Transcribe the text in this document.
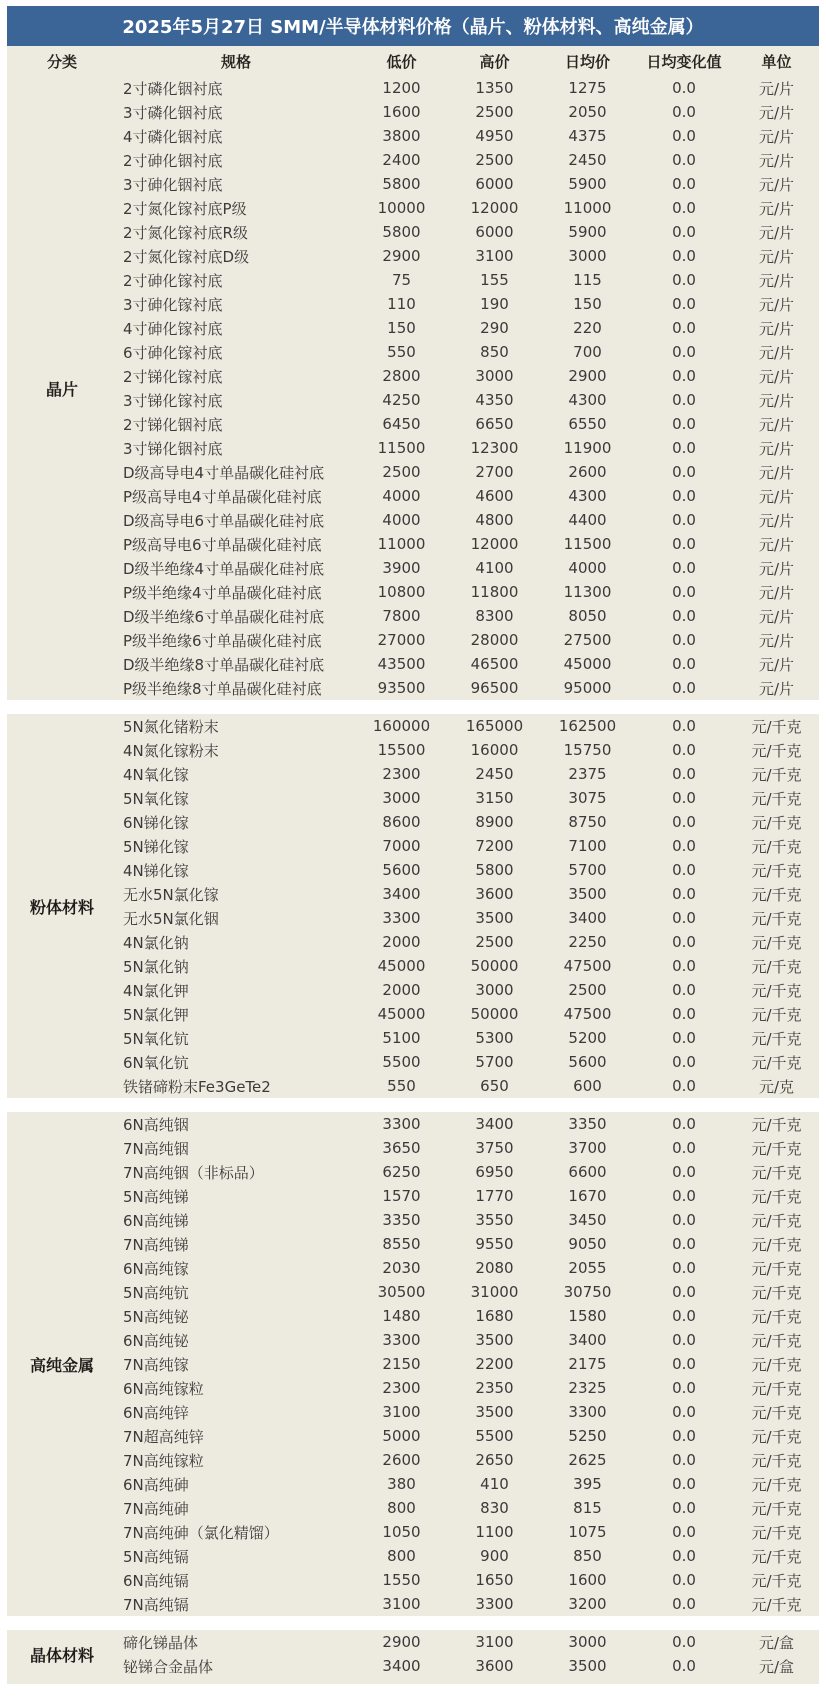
2025年5月27日 SMM/半导体材料价格（晶片、粉体材料、高纯金属）
分类	规格	低价	高价	日均价	日均变化值	单位
晶片
2寸磷化铟衬底	1200	1350	1275	0.0	元/片
3寸磷化铟衬底	1600	2500	2050	0.0	元/片
4寸磷化铟衬底	3800	4950	4375	0.0	元/片
2寸砷化铟衬底	2400	2500	2450	0.0	元/片
3寸砷化铟衬底	5800	6000	5900	0.0	元/片
2寸氮化镓衬底P级	10000	12000	11000	0.0	元/片
2寸氮化镓衬底R级	5800	6000	5900	0.0	元/片
2寸氮化镓衬底D级	2900	3100	3000	0.0	元/片
2寸砷化镓衬底	75	155	115	0.0	元/片
3寸砷化镓衬底	110	190	150	0.0	元/片
4寸砷化镓衬底	150	290	220	0.0	元/片
6寸砷化镓衬底	550	850	700	0.0	元/片
2寸锑化镓衬底	2800	3000	2900	0.0	元/片
3寸锑化镓衬底	4250	4350	4300	0.0	元/片
2寸锑化铟衬底	6450	6650	6550	0.0	元/片
3寸锑化铟衬底	11500	12300	11900	0.0	元/片
D级高导电4寸单晶碳化硅衬底	2500	2700	2600	0.0	元/片
P级高导电4寸单晶碳化硅衬底	4000	4600	4300	0.0	元/片
D级高导电6寸单晶碳化硅衬底	4000	4800	4400	0.0	元/片
P级高导电6寸单晶碳化硅衬底	11000	12000	11500	0.0	元/片
D级半绝缘4寸单晶碳化硅衬底	3900	4100	4000	0.0	元/片
P级半绝缘4寸单晶碳化硅衬底	10800	11800	11300	0.0	元/片
D级半绝缘6寸单晶碳化硅衬底	7800	8300	8050	0.0	元/片
P级半绝缘6寸单晶碳化硅衬底	27000	28000	27500	0.0	元/片
D级半绝缘8寸单晶碳化硅衬底	43500	46500	45000	0.0	元/片
P级半绝缘8寸单晶碳化硅衬底	93500	96500	95000	0.0	元/片
粉体材料
5N氮化锗粉末	160000	165000	162500	0.0	元/千克
4N氮化镓粉末	15500	16000	15750	0.0	元/千克
4N氧化镓	2300	2450	2375	0.0	元/千克
5N氧化镓	3000	3150	3075	0.0	元/千克
6N锑化镓	8600	8900	8750	0.0	元/千克
5N锑化镓	7000	7200	7100	0.0	元/千克
4N锑化镓	5600	5800	5700	0.0	元/千克
无水5N氯化镓	3400	3600	3500	0.0	元/千克
无水5N氯化铟	3300	3500	3400	0.0	元/千克
4N氯化钠	2000	2500	2250	0.0	元/千克
5N氯化钠	45000	50000	47500	0.0	元/千克
4N氯化钾	2000	3000	2500	0.0	元/千克
5N氯化钾	45000	50000	47500	0.0	元/千克
5N氧化钪	5100	5300	5200	0.0	元/千克
6N氧化钪	5500	5700	5600	0.0	元/千克
铁锗碲粉末Fe3GeTe2	550	650	600	0.0	元/克
高纯金属
6N高纯铟	3300	3400	3350	0.0	元/千克
7N高纯铟	3650	3750	3700	0.0	元/千克
7N高纯铟（非标品）	6250	6950	6600	0.0	元/千克
5N高纯锑	1570	1770	1670	0.0	元/千克
6N高纯锑	3350	3550	3450	0.0	元/千克
7N高纯锑	8550	9550	9050	0.0	元/千克
6N高纯镓	2030	2080	2055	0.0	元/千克
5N高纯钪	30500	31000	30750	0.0	元/千克
5N高纯铋	1480	1680	1580	0.0	元/千克
6N高纯铋	3300	3500	3400	0.0	元/千克
7N高纯镓	2150	2200	2175	0.0	元/千克
6N高纯镓粒	2300	2350	2325	0.0	元/千克
6N高纯锌	3100	3500	3300	0.0	元/千克
7N超高纯锌	5000	5500	5250	0.0	元/千克
7N高纯镓粒	2600	2650	2625	0.0	元/千克
6N高纯砷	380	410	395	0.0	元/千克
7N高纯砷	800	830	815	0.0	元/千克
7N高纯砷（氯化精馏）	1050	1100	1075	0.0	元/千克
5N高纯镉	800	900	850	0.0	元/千克
6N高纯镉	1550	1650	1600	0.0	元/千克
7N高纯镉	3100	3300	3200	0.0	元/千克
晶体材料
碲化锑晶体	2900	3100	3000	0.0	元/盒
铋锑合金晶体	3400	3600	3500	0.0	元/盒
